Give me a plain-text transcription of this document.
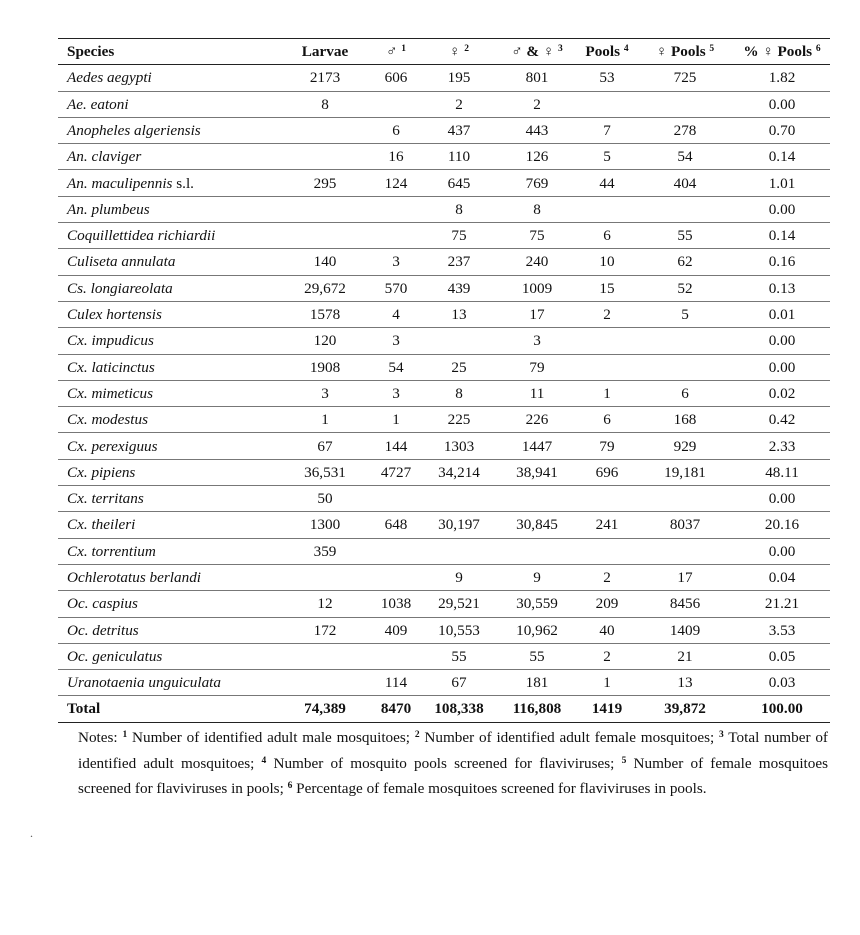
Species	Larvae	♂ $^1$	♀ $^2$	♂ & ♀ $^3$	Pools $^4$	♀ Pools $^5$	% ♀ Pools $^6$
Aedes aegypti	2173	606	195	801	53	725	1.82
Ae. eatoni	8		2	2			0.00
Anopheles algeriensis		6	437	443	7	278	0.70
An. claviger		16	110	126	5	54	0.14
An. maculipennis s.l.	295	124	645	769	44	404	1.01
An. plumbeus			8	8			0.00
Coquillettidea richiardii			75	75	6	55	0.14
Culiseta annulata	140	3	237	240	10	62	0.16
Cs. longiareolata	29,672	570	439	1009	15	52	0.13
Culex hortensis	1578	4	13	17	2	5	0.01
Cx. impudicus	120	3		3			0.00
Cx. laticinctus	1908	54	25	79			0.00
Cx. mimeticus	3	3	8	11	1	6	0.02
Cx. modestus	1	1	225	226	6	168	0.42
Cx. perexiguus	67	144	1303	1447	79	929	2.33
Cx. pipiens	36,531	4727	34,214	38,941	696	19,181	48.11
Cx. territans	50						0.00
Cx. theileri	1300	648	30,197	30,845	241	8037	20.16
Cx. torrentium	359						0.00
Ochlerotatus berlandi			9	9	2	17	0.04
Oc. caspius	12	1038	29,521	30,559	209	8456	21.21
Oc. detritus	172	409	10,553	10,962	40	1409	3.53
Oc. geniculatus			55	55	2	21	0.05
Uranotaenia unguiculata		114	67	181	1	13	0.03
Total	74,389	8470	108,338	116,808	1419	39,872	100.00
Notes: $^1$ Number of identified adult male mosquitoes; $^2$ Number of identified adult female mosquitoes; $^3$ Total number of identified adult mosquitoes; $^4$ Number of mosquito pools screened for flaviviruses; $^5$ Number of female mosquitoes screened for flaviviruses in pools; $^6$ Percentage of female mosquitoes screened for flaviviruses in pools.
.
